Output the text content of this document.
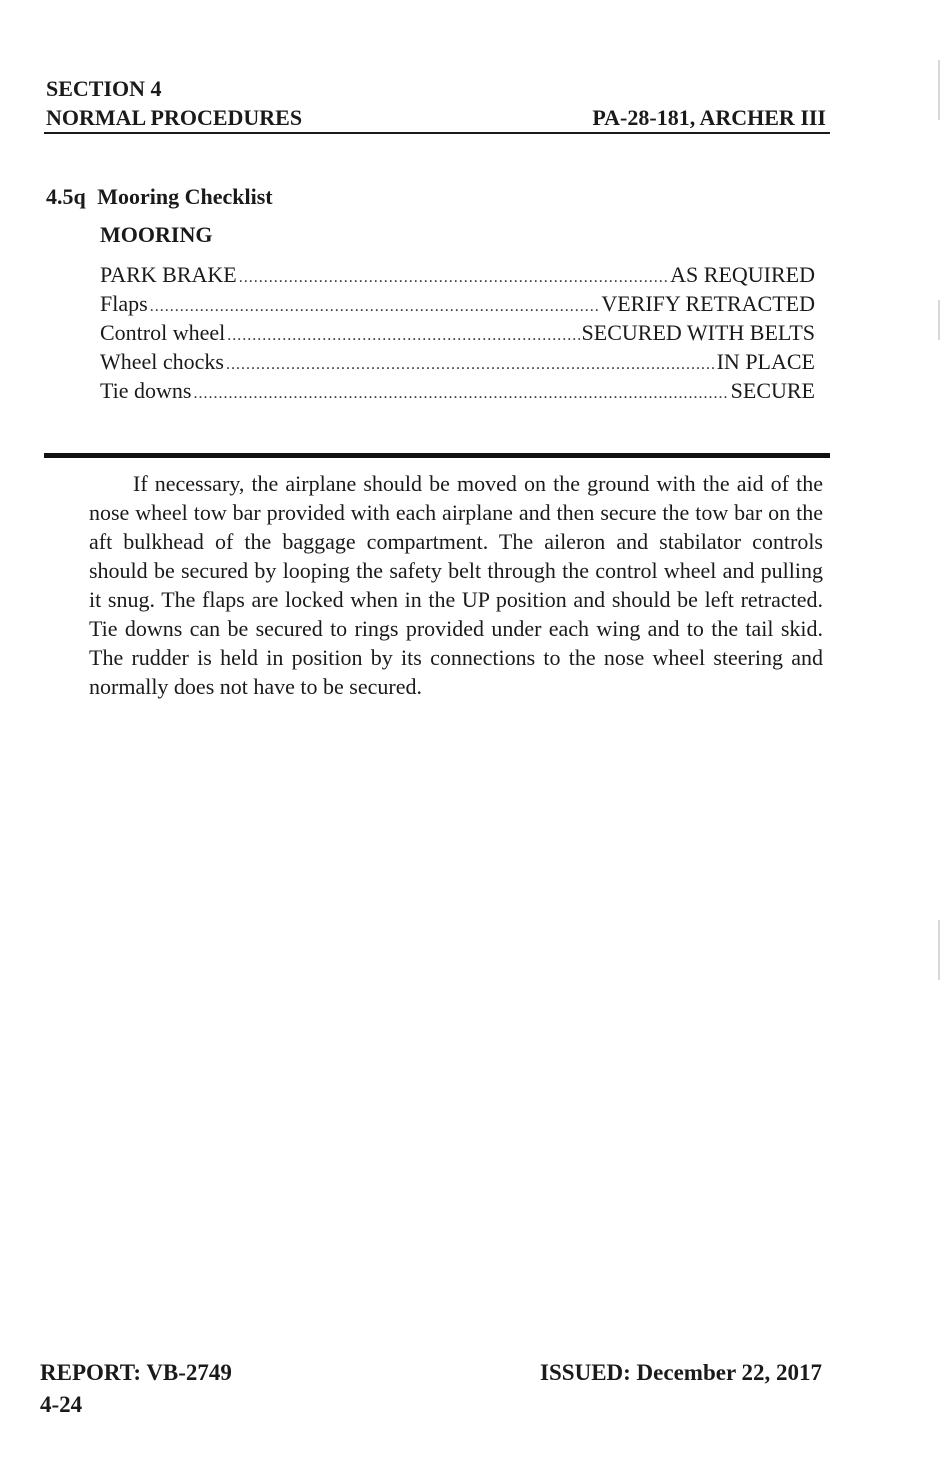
SECTION 4
NORMAL PROCEDURES	PA-28-181, ARCHER III
4.5q Mooring Checklist
MOORING
PARK BRAKE .....	AS REQUIRED
Flaps .....	VERIFY RETRACTED
Control wheel .....	SECURED WITH BELTS
Wheel chocks .....	IN PLACE
Tie downs .....	SECURE

If necessary, the airplane should be moved on the ground with the aid of the nose wheel tow bar provided with each airplane and then secure the tow bar on the aft bulkhead of the baggage compartment. The aileron and stabilator controls should be secured by looping the safety belt through the control wheel and pulling it snug. The flaps are locked when in the UP position and should be left retracted. Tie downs can be secured to rings provided under each wing and to the tail skid. The rudder is held in position by its connections to the nose wheel steering and normally does not have to be secured.

REPORT: VB-2749
4-24
ISSUED: December 22, 2017
